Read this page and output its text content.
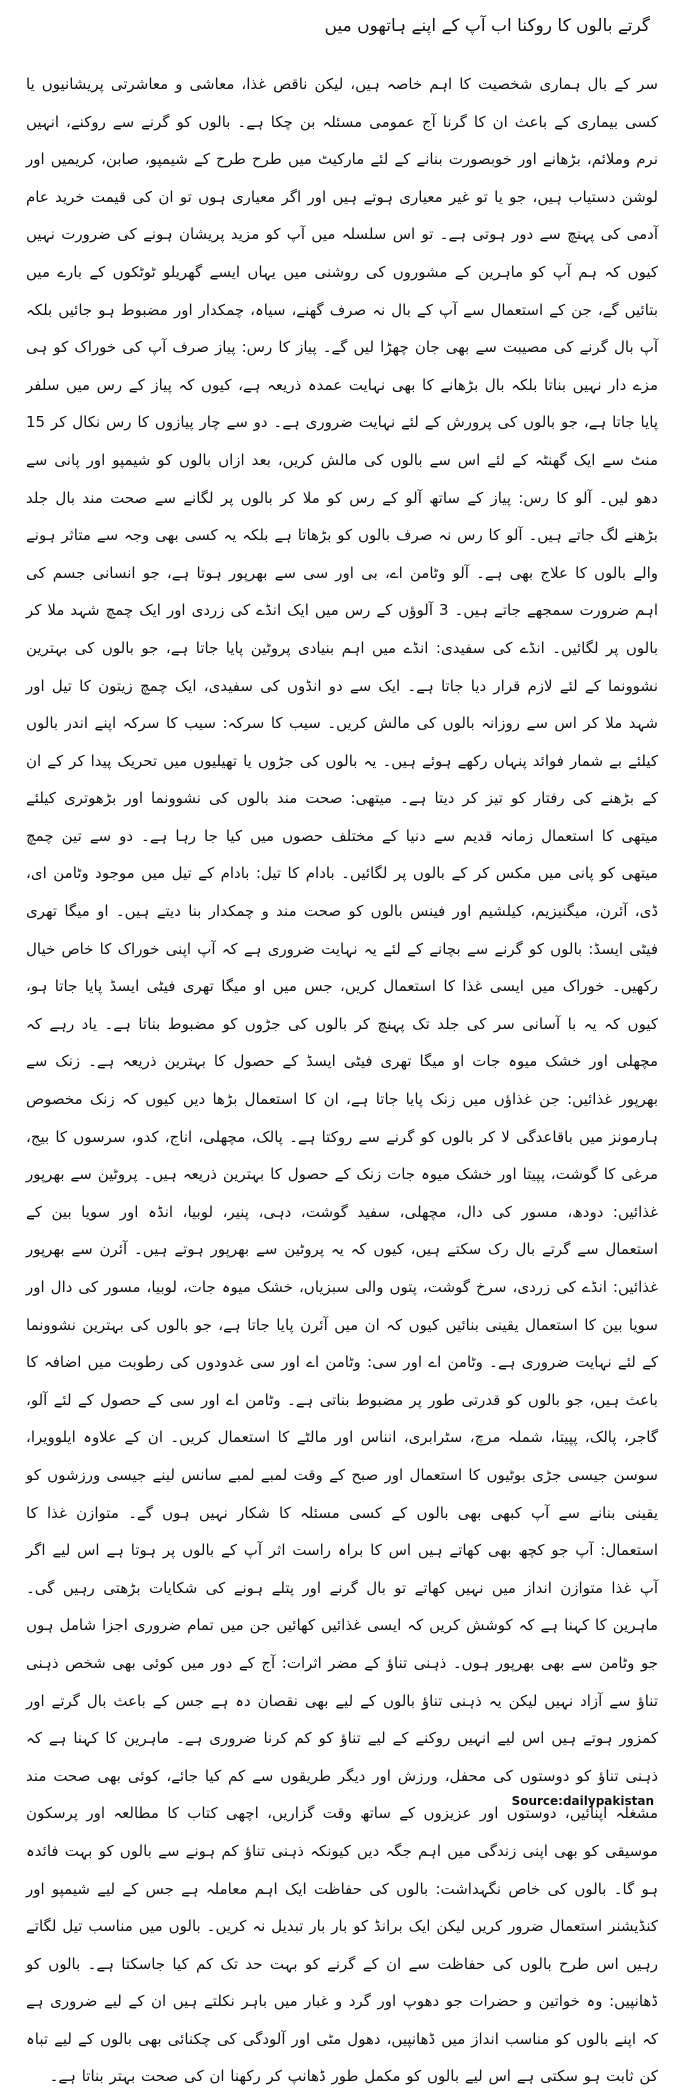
گرتے بالوں کا روکنا اب آپ کے اپنے ہاتھوں میں

سر کے بال ہماری شخصیت کا اہم خاصہ ہیں، لیکن ناقص غذا، معاشی و معاشرتی پریشانیوں یا کسی بیماری کے باعث ان کا گرنا آج عمومی مسئلہ بن چکا ہے۔ بالوں کو گرنے سے روکنے، انہیں نرم وملائم، بڑھانے اور خوبصورت بنانے کے لئے مارکیٹ میں طرح طرح کے شیمپو، صابن، کریمیں اور لوشن دستیاب ہیں، جو یا تو غیر معیاری ہوتے ہیں اور اگر معیاری ہوں تو ان کی قیمت خرید عام آدمی کی پہنچ سے دور ہوتی ہے۔ تو اس سلسلہ میں آپ کو مزید پریشان ہونے کی ضرورت نہیں کیوں کہ ہم آپ کو ماہرین کے مشوروں کی روشنی میں یہاں ایسے گھریلو ٹوٹکوں کے بارے میں بتائیں گے، جن کے استعمال سے آپ کے بال نہ صرف گھنے، سیاہ، چمکدار اور مضبوط ہو جائیں بلکہ آپ بال گرنے کی مصیبت سے بھی جان چھڑا لیں گے۔ پیاز کا رس: پیاز صرف آپ کی خوراک کو ہی مزے دار نہیں بناتا بلکہ بال بڑھانے کا بھی نہایت عمدہ ذریعہ ہے، کیوں کہ پیاز کے رس میں سلفر پایا جاتا ہے، جو بالوں کی پرورش کے لئے نہایت ضروری ہے۔ دو سے چار پیازوں کا رس نکال کر 15 منٹ سے ایک گھنٹہ کے لئے اس سے بالوں کی مالش کریں، بعد ازاں بالوں کو شیمپو اور پانی سے دھو لیں۔ آلو کا رس: پیاز کے ساتھ آلو کے رس کو ملا کر بالوں پر لگانے سے صحت مند بال جلد بڑھنے لگ جاتے ہیں۔ آلو کا رس نہ صرف بالوں کو بڑھاتا ہے بلکہ یہ کسی بھی وجہ سے متاثر ہونے والے بالوں کا علاج بھی ہے۔ آلو وٹامن اے، بی اور سی سے بھرپور ہوتا ہے، جو انسانی جسم کی اہم ضرورت سمجھے جاتے ہیں۔ 3 آلوؤں کے رس میں ایک انڈے کی زردی اور ایک چمچ شہد ملا کر بالوں پر لگائیں۔ انڈے کی سفیدی: انڈے میں اہم بنیادی پروٹین پایا جاتا ہے، جو بالوں کی بہترین نشوونما کے لئے لازم قرار دیا جاتا ہے۔ ایک سے دو انڈوں کی سفیدی، ایک چمچ زیتون کا تیل اور شہد ملا کر اس سے روزانہ بالوں کی مالش کریں۔ سیب کا سرکہ: سیب کا سرکہ اپنے اندر بالوں کیلئے بے شمار فوائد پنہاں رکھے ہوئے ہیں۔ یہ بالوں کی جڑوں یا تھیلیوں میں تحریک پیدا کر کے ان کے بڑھنے کی رفتار کو تیز کر دیتا ہے۔ میتھی: صحت مند بالوں کی نشوونما اور بڑھوتری کیلئے میتھی کا استعمال زمانہ قدیم سے دنیا کے مختلف حصوں میں کیا جا رہا ہے۔ دو سے تین چمچ میتھی کو پانی میں مکس کر کے بالوں پر لگائیں۔ بادام کا تیل: بادام کے تیل میں موجود وٹامن ای، ڈی، آئرن، میگنیزیم، کیلشیم اور فینس بالوں کو صحت مند و چمکدار بنا دیتے ہیں۔ او میگا تھری فیٹی ایسڈ: بالوں کو گرنے سے بچانے کے لئے یہ نہایت ضروری ہے کہ آپ اپنی خوراک کا خاص خیال رکھیں۔ خوراک میں ایسی غذا کا استعمال کریں، جس میں او میگا تھری فیٹی ایسڈ پایا جاتا ہو، کیوں کہ یہ با آسانی سر کی جلد تک پہنچ کر بالوں کی جڑوں کو مضبوط بناتا ہے۔ یاد رہے کہ مچھلی اور خشک میوہ جات او میگا تھری فیٹی ایسڈ کے حصول کا بہترین ذریعہ ہے۔ زنک سے بھرپور غذائیں: جن غذاؤں میں زنک پایا جاتا ہے، ان کا استعمال بڑھا دیں کیوں کہ زنک مخصوص ہارمونز میں باقاعدگی لا کر بالوں کو گرنے سے روکتا ہے۔ پالک، مچھلی، اناج، کدو، سرسوں کا بیج، مرغی کا گوشت، پپیتا اور خشک میوہ جات زنک کے حصول کا بہترین ذریعہ ہیں۔ پروٹین سے بھرپور غذائیں: دودھ، مسور کی دال، مچھلی، سفید گوشت، دہی، پنیر، لوبیا، انڈہ اور سویا بین کے استعمال سے گرتے بال رک سکتے ہیں، کیوں کہ یہ پروٹین سے بھرپور ہوتے ہیں۔ آئرن سے بھرپور غذائیں: انڈے کی زردی، سرخ گوشت، پتوں والی سبزیاں، خشک میوہ جات، لوبیا، مسور کی دال اور سویا بین کا استعمال یقینی بنائیں کیوں کہ ان میں آئرن پایا جاتا ہے، جو بالوں کی بہترین نشوونما کے لئے نہایت ضروری ہے۔ وٹامن اے اور سی: وٹامن اے اور سی غدودوں کی رطوبت میں اضافہ کا باعث ہیں، جو بالوں کو قدرتی طور پر مضبوط بناتی ہے۔ وٹامن اے اور سی کے حصول کے لئے آلو، گاجر، پالک، پپیتا، شملہ مرچ، سٹرابری، انناس اور مالٹے کا استعمال کریں۔ ان کے علاوہ ایلوویرا، سوسن جیسی جڑی بوٹیوں کا استعمال اور صبح کے وقت لمبے لمبے سانس لینے جیسی ورزشوں کو یقینی بنانے سے آپ کبھی بھی بالوں کے کسی مسئلہ کا شکار نہیں ہوں گے۔ متوازن غذا کا استعمال: آپ جو کچھ بھی کھاتے ہیں اس کا براہ راست اثر آپ کے بالوں پر ہوتا ہے اس لیے اگر آپ غذا متوازن انداز میں نہیں کھاتے تو بال گرنے اور پتلے ہونے کی شکایات بڑھتی رہیں گی۔ ماہرین کا کہنا ہے کہ کوشش کریں کہ ایسی غذائیں کھائیں جن میں تمام ضروری اجزا شامل ہوں جو وٹامن سے بھی بھرپور ہوں۔ ذہنی تناؤ کے مضر اثرات: آج کے دور میں کوئی بھی شخص ذہنی تناؤ سے آزاد نہیں لیکن یہ ذہنی تناؤ بالوں کے لیے بھی نقصان دہ ہے جس کے باعث بال گرتے اور کمزور ہوتے ہیں اس لیے انہیں روکنے کے لیے تناؤ کو کم کرنا ضروری ہے۔ ماہرین کا کہنا ہے کہ ذہنی تناؤ کو دوستوں کی محفل، ورزش اور دیگر طریقوں سے کم کیا جائے، کوئی بھی صحت مند مشغلہ اپنائیں، دوستوں اور عزیزوں کے ساتھ وقت گزاریں، اچھی کتاب کا مطالعہ اور پرسکون موسیقی کو بھی اپنی زندگی میں اہم جگہ دیں کیونکہ ذہنی تناؤ کم ہونے سے بالوں کو بہت فائدہ ہو گا۔ بالوں کی خاص نگہداشت: بالوں کی حفاظت ایک اہم معاملہ ہے جس کے لیے شیمپو اور کنڈیشنر استعمال ضرور کریں لیکن ایک برانڈ کو بار بار تبدیل نہ کریں۔ بالوں میں مناسب تیل لگاتے رہیں اس طرح بالوں کی حفاظت سے ان کے گرنے کو بہت حد تک کم کیا جاسکتا ہے۔ بالوں کو ڈھانپیں: وہ خواتین و حضرات جو دھوپ اور گرد و غبار میں باہر نکلتے ہیں ان کے لیے ضروری ہے کہ اپنے بالوں کو مناسب انداز میں ڈھانپیں، دھول مٹی اور آلودگی کی چکنائی بھی بالوں کے لیے تباہ کن ثابت ہو سکتی ہے اس لیے بالوں کو مکمل طور ڈھانپ کر رکھنا ان کی صحت بہتر بناتا ہے۔

Source:dailypakistan
